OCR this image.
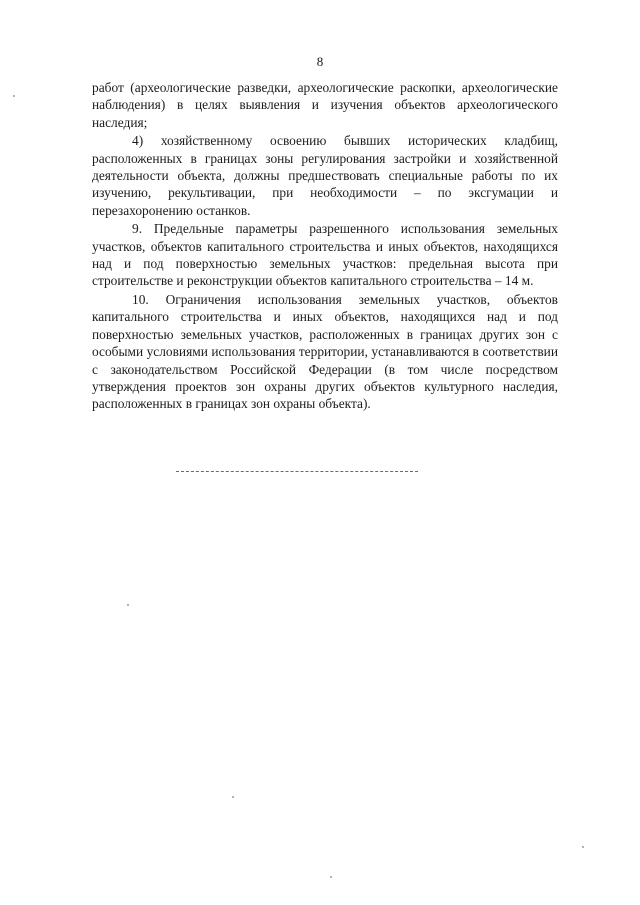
8

работ (археологические разведки, археологические раскопки, археологические наблюдения) в целях выявления и изучения объектов археологического наследия;

4) хозяйственному освоению бывших исторических кладбищ, расположенных в границах зоны регулирования застройки и хозяйственной деятельности объекта, должны предшествовать специальные работы по их изучению, рекультивации, при необходимости – по эксгумации и перезахоронению останков.

9. Предельные параметры разрешенного использования земельных участков, объектов капитального строительства и иных объектов, находящихся над и под поверхностью земельных участков: предельная высота при строительстве и реконструкции объектов капитального строительства – 14 м.

10. Ограничения использования земельных участков, объектов капитального строительства и иных объектов, находящихся над и под поверхностью земельных участков, расположенных в границах других зон с особыми условиями использования территории, устанавливаются в соответствии с законодательством Российской Федерации (в том числе посредством утверждения проектов зон охраны других объектов культурного наследия, расположенных в границах зон охраны объекта).
